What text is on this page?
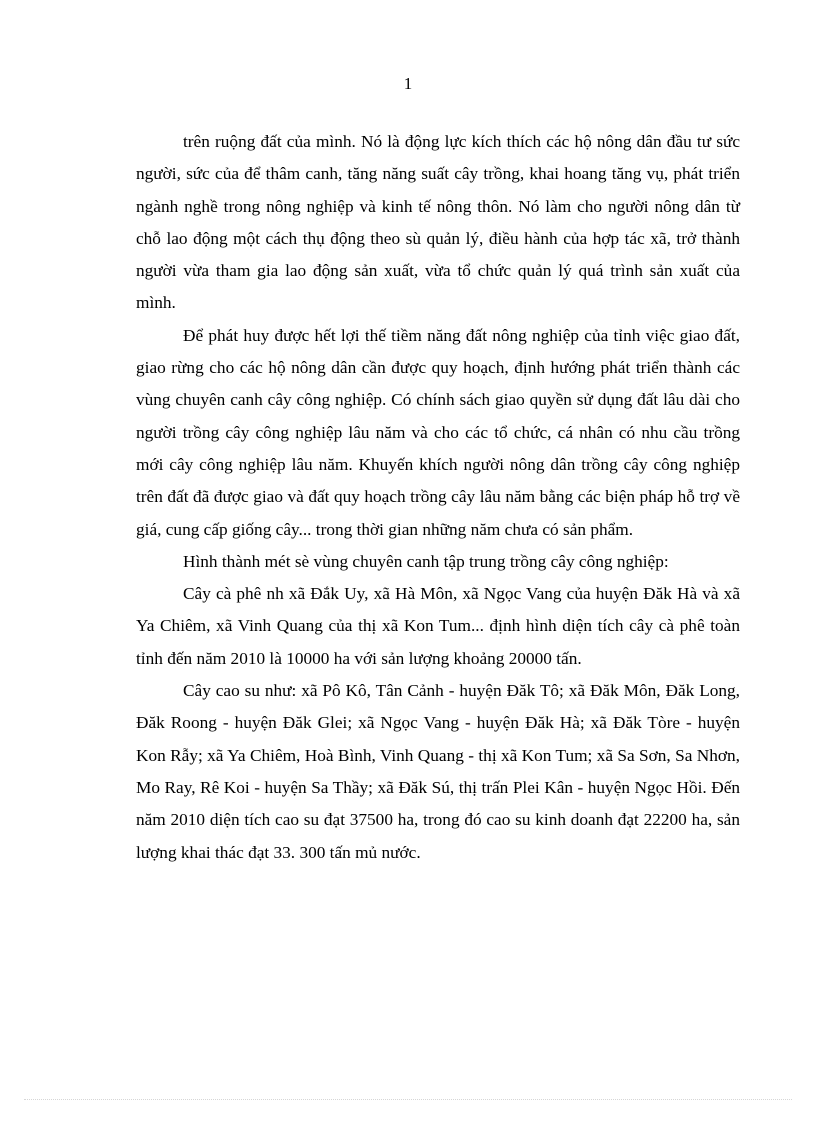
1

trên ruộng đất của mình. Nó là động lực kích thích các hộ nông dân đầu tư sức người, sức của để thâm canh, tăng năng suất cây trồng, khai hoang tăng vụ, phát triển ngành nghề trong nông nghiệp và kinh tế nông thôn. Nó làm cho người nông dân từ chỗ lao động một cách thụ động theo sù quản lý, điều hành của hợp tác xã, trở thành người vừa tham gia lao động sản xuất, vừa tổ chức quản lý quá trình sản xuất của mình.

Để phát huy được hết lợi thế tiềm năng đất nông nghiệp của tỉnh việc giao đất, giao rừng cho các hộ nông dân cần được quy hoạch, định hướng phát triển thành các vùng chuyên canh cây công nghiệp. Có chính sách giao quyền sử dụng đất lâu dài cho người trồng cây công nghiệp lâu năm và cho các tổ chức, cá nhân có nhu cầu trồng mới cây công nghiệp lâu năm. Khuyến khích người nông dân trồng cây công nghiệp trên đất đã được giao và đất quy hoạch trồng cây lâu năm bằng các biện pháp hỗ trợ về giá, cung cấp giống cây... trong thời gian những năm chưa có sản phẩm.

Hình thành mét sè vùng chuyên canh tập trung trồng cây công nghiệp:

Cây cà phê nh xã Đắk Uy, xã Hà Môn, xã Ngọc Vang của huyện Đăk Hà và xã Ya Chiêm, xã Vinh Quang của thị xã Kon Tum... định hình diện tích cây cà phê toàn tỉnh đến năm 2010 là 10000 ha với sản lượng khoảng 20000 tấn.

Cây cao su như: xã Pô Kô, Tân Cảnh - huyện Đăk Tô; xã Đăk Môn, Đăk Long, Đăk Roong - huyện Đăk Glei; xã Ngọc Vang - huyện Đăk Hà; xã Đăk Tòre - huyện Kon Rẫy; xã Ya Chiêm, Hoà Bình, Vinh Quang - thị xã Kon Tum; xã Sa Sơn, Sa Nhơn, Mo Ray, Rê Koi - huyện Sa Thầy; xã Đăk Sú, thị trấn Plei Kân - huyện Ngọc Hồi. Đến năm 2010 diện tích cao su đạt 37500 ha, trong đó cao su kinh doanh đạt 22200 ha, sản lượng khai thác đạt 33. 300 tấn mủ nước.
